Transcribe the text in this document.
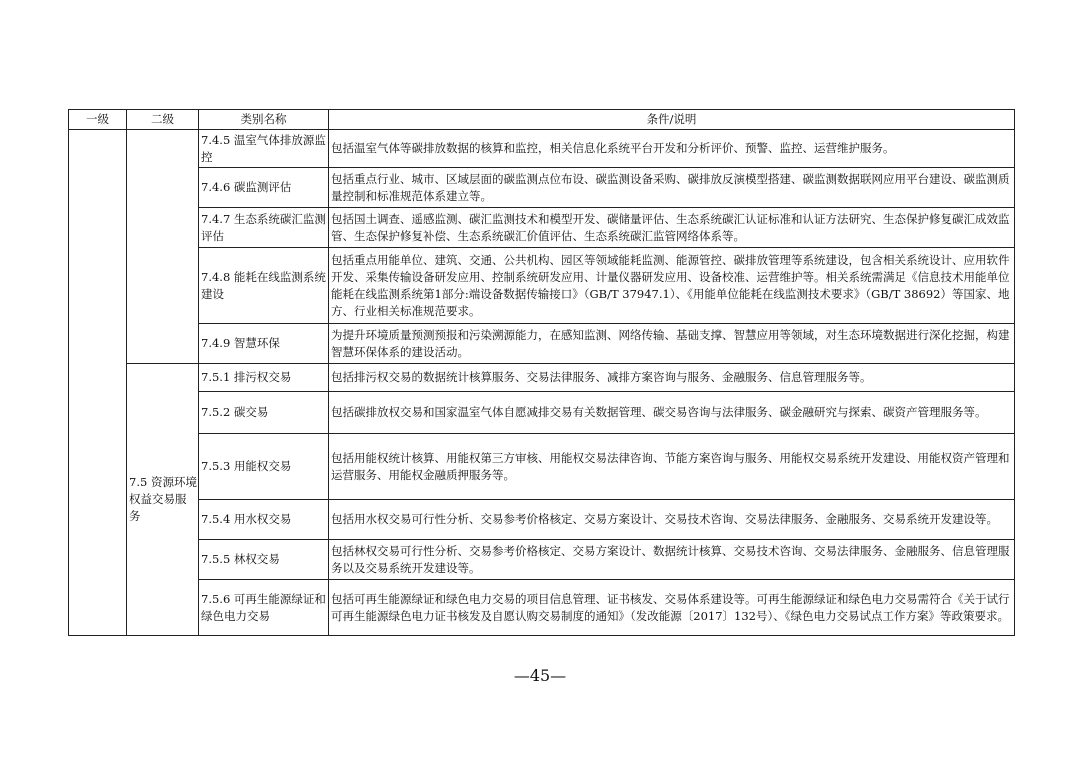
一级	二级	类别名称	条件/说明
		7.4.5 温室气体排放源监控	包括温室气体等碳排放数据的核算和监控，相关信息化系统平台开发和分析评价、预警、监控、运营维护服务。
		7.4.6 碳监测评估	包括重点行业、城市、区域层面的碳监测点位布设、碳监测设备采购、碳排放反演模型搭建、碳监测数据联网应用平台建设、碳监测质量控制和标准规范体系建立等。
		7.4.7 生态系统碳汇监测评估	包括国土调查、遥感监测、碳汇监测技术和模型开发、碳储量评估、生态系统碳汇认证标准和认证方法研究、生态保护修复碳汇成效监管、生态保护修复补偿、生态系统碳汇价值评估、生态系统碳汇监管网络体系等。
		7.4.8 能耗在线监测系统建设	包括重点用能单位、建筑、交通、公共机构、园区等领域能耗监测、能源管控、碳排放管理等系统建设，包含相关系统设计、应用软件开发、采集传输设备研发应用、控制系统研发应用、计量仪器研发应用、设备校准、运营维护等。相关系统需满足《信息技术用能单位能耗在线监测系统第1部分:端设备数据传输接口》（GB/T 37947.1）、《用能单位能耗在线监测技术要求》（GB/T 38692）等国家、地方、行业相关标准规范要求。
		7.4.9 智慧环保	为提升环境质量预测预报和污染溯源能力，在感知监测、网络传输、基础支撑、智慧应用等领域，对生态环境数据进行深化挖掘，构建智慧环保体系的建设活动。
	7.5 资源环境权益交易服务	7.5.1 排污权交易	包括排污权交易的数据统计核算服务、交易法律服务、减排方案咨询与服务、金融服务、信息管理服务等。
		7.5.2 碳交易	包括碳排放权交易和国家温室气体自愿减排交易有关数据管理、碳交易咨询与法律服务、碳金融研究与探索、碳资产管理服务等。
		7.5.3 用能权交易	包括用能权统计核算、用能权第三方审核、用能权交易法律咨询、节能方案咨询与服务、用能权交易系统开发建设、用能权资产管理和运营服务、用能权金融质押服务等。
		7.5.4 用水权交易	包括用水权交易可行性分析、交易参考价格核定、交易方案设计、交易技术咨询、交易法律服务、金融服务、交易系统开发建设等。
		7.5.5 林权交易	包括林权交易可行性分析、交易参考价格核定、交易方案设计、数据统计核算、交易技术咨询、交易法律服务、金融服务、信息管理服务以及交易系统开发建设等。
		7.5.6 可再生能源绿证和绿色电力交易	包括可再生能源绿证和绿色电力交易的项目信息管理、证书核发、交易体系建设等。可再生能源绿证和绿色电力交易需符合《关于试行可再生能源绿色电力证书核发及自愿认购交易制度的通知》（发改能源〔2017〕132号）、《绿色电力交易试点工作方案》等政策要求。
—45—
